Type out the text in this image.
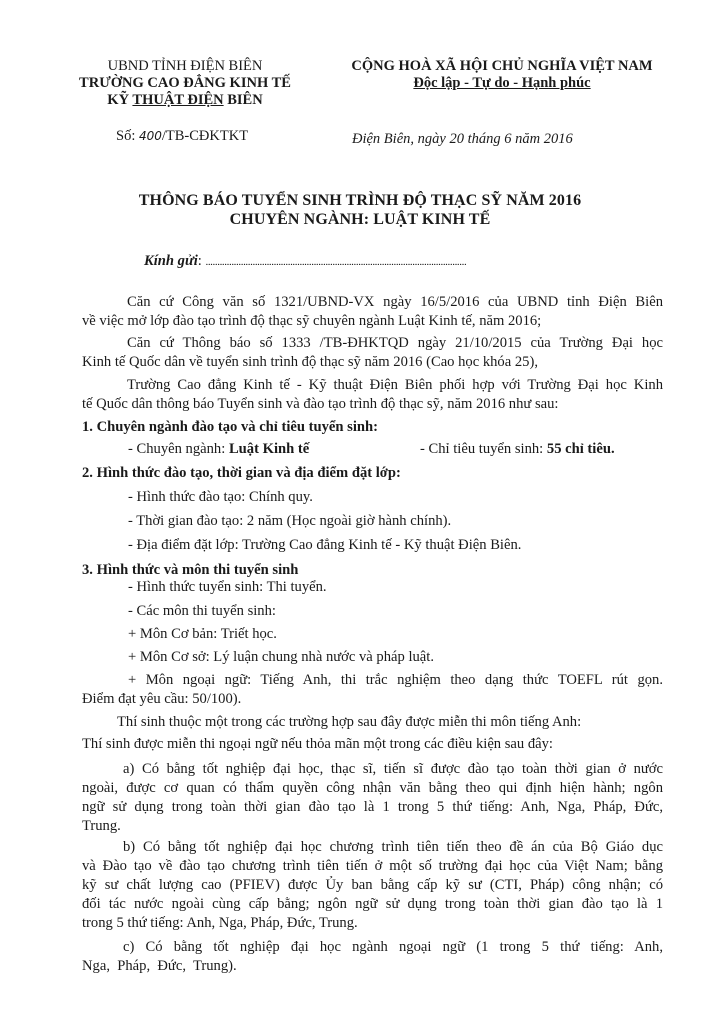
UBND TỈNH ĐIỆN BIÊN
TRƯỜNG CAO ĐẲNG KINH TẾ
KỸ THUẬT ĐIỆN BIÊN
Số: 400/TB-CĐKTKT
CỘNG HOÀ XÃ HỘI CHỦ NGHĨA VIỆT NAM
Độc lập - Tự do - Hạnh phúc
Điện Biên, ngày 20 tháng 6 năm 2016
THÔNG BÁO TUYỂN SINH TRÌNH ĐỘ THẠC SỸ NĂM 2016
CHUYÊN NGÀNH: LUẬT KINH TẾ
Kính gửi: ...............................................................................................................
Căn cứ Công văn số 1321/UBND-VX ngày 16/5/2016 của UBND tỉnh Điện Biên
về việc mở lớp đào tạo trình độ thạc sỹ chuyên ngành Luật Kinh tế, năm 2016;
Căn cứ Thông báo số 1333 /TB-ĐHKTQD ngày 21/10/2015 của Trường Đại học
Kinh tế Quốc dân về tuyển sinh trình độ thạc sỹ năm 2016 (Cao học khóa 25),
Trường Cao đẳng Kinh tế - Kỹ thuật Điện Biên phối hợp với Trường Đại học Kinh
tế Quốc dân thông báo Tuyển sinh và đào tạo trình độ thạc sỹ, năm 2016 như sau:
1. Chuyên ngành đào tạo và chỉ tiêu tuyển sinh:
- Chuyên ngành: Luật Kinh tế	- Chỉ tiêu tuyển sinh: 55 chỉ tiêu.
2. Hình thức đào tạo, thời gian và địa điểm đặt lớp:
- Hình thức đào tạo: Chính quy.
- Thời gian đào tạo: 2 năm (Học ngoài giờ hành chính).
- Địa điểm đặt lớp: Trường Cao đẳng Kinh tế - Kỹ thuật Điện Biên.
3. Hình thức và môn thi tuyển sinh
- Hình thức tuyển sinh: Thi tuyển.
- Các môn thi tuyển sinh:
+ Môn Cơ bản: Triết học.
+ Môn Cơ sở: Lý luận chung nhà nước và pháp luật.
+ Môn ngoại ngữ: Tiếng Anh, thi trắc nghiệm theo dạng thức TOEFL rút gọn.
Điểm đạt yêu cầu: 50/100).
Thí sinh thuộc một trong các trường hợp sau đây được miễn thi môn tiếng Anh:
Thí sinh được miễn thi ngoại ngữ nếu thỏa mãn một trong các điều kiện sau đây:
a) Có bằng tốt nghiệp đại học, thạc sĩ, tiến sĩ được đào tạo toàn thời gian ở nước
ngoài, được cơ quan có thẩm quyền công nhận văn bằng theo qui định hiện hành; ngôn
ngữ sử dụng trong toàn thời gian đào tạo là 1 trong 5 thứ tiếng: Anh, Nga, Pháp, Đức,
Trung.
b) Có bằng tốt nghiệp đại học chương trình tiên tiến theo đề án của Bộ Giáo dục
và Đào tạo về đào tạo chương trình tiên tiến ở một số trường đại học của Việt Nam; bằng
kỹ sư chất lượng cao (PFIEV) được Ủy ban bằng cấp kỹ sư (CTI, Pháp) công nhận; có
đối tác nước ngoài cùng cấp bằng; ngôn ngữ sử dụng trong toàn thời gian đào tạo là 1
trong 5 thứ tiếng: Anh, Nga, Pháp, Đức, Trung.
c) Có bằng tốt nghiệp đại học ngành ngoại ngữ (1 trong 5 thứ tiếng: Anh,
Nga,  Pháp,  Đức,  Trung).
